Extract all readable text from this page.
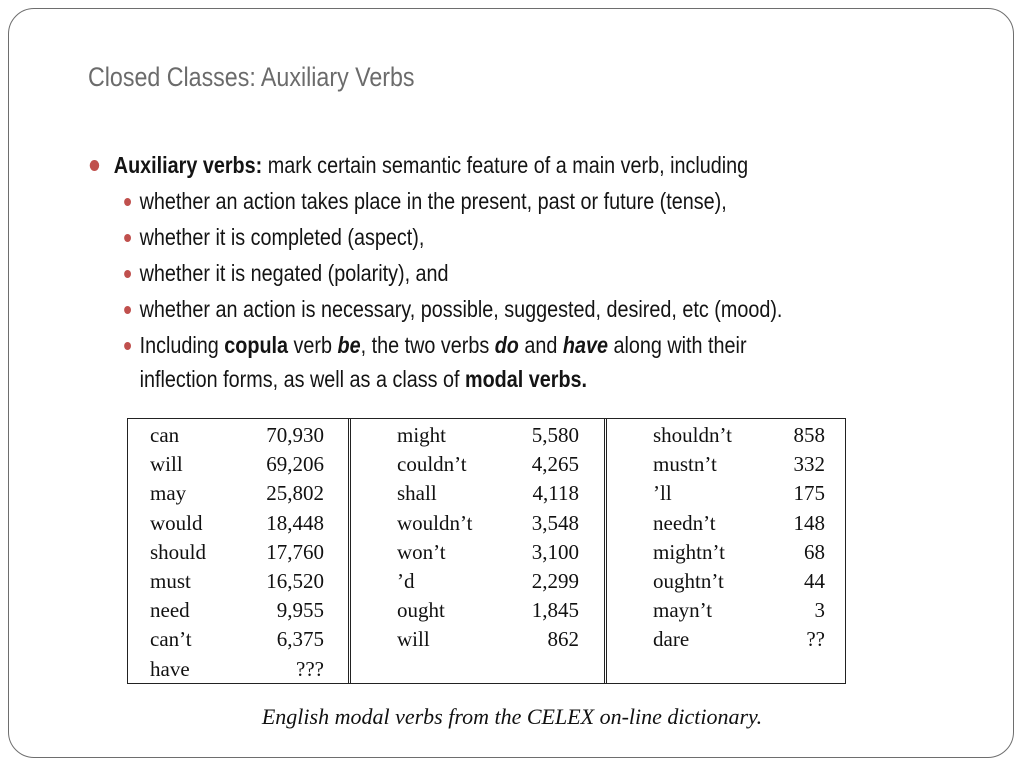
Closed Classes: Auxiliary Verbs
Auxiliary verbs: mark certain semantic feature of a main verb, including
whether an action takes place in the present, past or future (tense),
whether it is completed (aspect),
whether it is negated (polarity), and
whether an action is necessary, possible, suggested, desired, etc (mood).
Including copula verb be, the two verbs do and have along with their
inflection forms, as well as a class of modal verbs.
can	70,930
will	69,206
may	25,802
would	18,448
should	17,760
must	16,520
need	9,955
can’t	6,375
have	???
might	5,580
couldn’t	4,265
shall	4,118
wouldn’t	3,548
won’t	3,100
’d	2,299
ought	1,845
will	862
shouldn’t	858
mustn’t	332
’ll	175
needn’t	148
mightn’t	68
oughtn’t	44
mayn’t	3
dare	??
English modal verbs from the CELEX on-line dictionary.
